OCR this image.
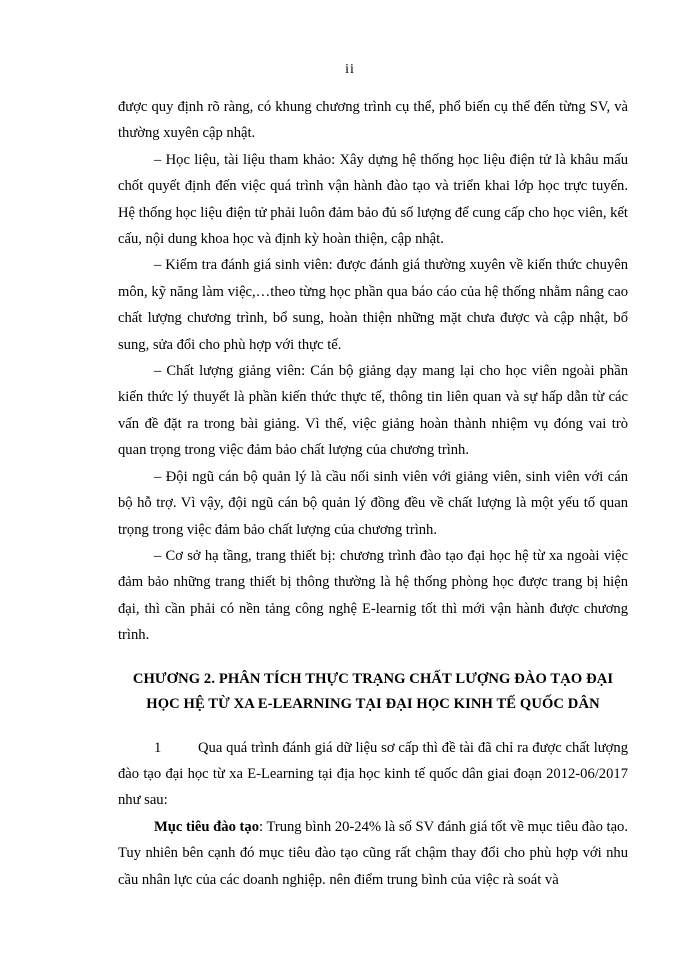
ii

được quy định rõ ràng, có khung chương trình cụ thể, phổ biến cụ thể đến từng SV, và thường xuyên cập nhật.

– Học liệu, tài liệu tham khảo: Xây dựng hệ thống học liệu điện tử là khâu mấu chốt quyết định đến việc quá trình vận hành đào tạo và triển khai lớp học trực tuyến. Hệ thống học liệu điện tử phải luôn đảm bảo đủ số lượng để cung cấp cho học viên, kết cấu, nội dung khoa học và định kỳ hoàn thiện, cập nhật.

– Kiểm tra đánh giá sinh viên: được đánh giá thường xuyên về kiến thức chuyên môn, kỹ năng làm việc,…theo từng học phần qua báo cáo của hệ thống nhằm nâng cao chất lượng chương trình, bổ sung, hoàn thiện những mặt chưa được và cập nhật, bổ sung, sửa đổi cho phù hợp với thực tế.

– Chất lượng giảng viên: Cán bộ giảng dạy mang lại cho học viên ngoài phần kiến thức lý thuyết là phần kiến thức thực tế, thông tin liên quan và sự hấp dẫn từ các vấn đề đặt ra trong bài giảng. Vì thế, việc giảng hoàn thành nhiệm vụ đóng vai trò quan trọng trong việc đảm bảo chất lượng của chương trình.

– Đội ngũ cán bộ quản lý là cầu nối sinh viên với giảng viên, sinh viên với cán bộ hỗ trợ. Vì vậy, đội ngũ cán bộ quản lý đồng đều về chất lượng là một yếu tố quan trọng trong việc đảm bảo chất lượng của chương trình.

– Cơ sở hạ tầng, trang thiết bị: chương trình đào tạo đại học hệ từ xa ngoài việc đảm bảo những trang thiết bị thông thường là hệ thống phòng học được trang bị hiện đại, thì cần phải có nền tảng công nghệ E-learnig tốt thì mới vận hành được chương trình.

CHƯƠNG 2. PHÂN TÍCH THỰC TRẠNG CHẤT LƯỢNG ĐÀO TẠO ĐẠI
HỌC HỆ TỪ XA E-LEARNING TẠI ĐẠI HỌC KINH TẾ QUỐC DÂN

1	Qua quá trình đánh giá dữ liệu sơ cấp thì đề tài đã chỉ ra được chất lượng đào tạo đại học từ xa E-Learning tại địa học kinh tế quốc dân giai đoạn 2012-06/2017 như sau:

Mục tiêu đào tạo: Trung bình 20-24% là số SV đánh giá tốt về mục tiêu đào tạo. Tuy nhiên bên cạnh đó mục tiêu đào tạo cũng rất chậm thay đổi cho phù hợp với nhu cầu nhân lực của các doanh nghiệp. nên điểm trung bình của việc rà soát và
